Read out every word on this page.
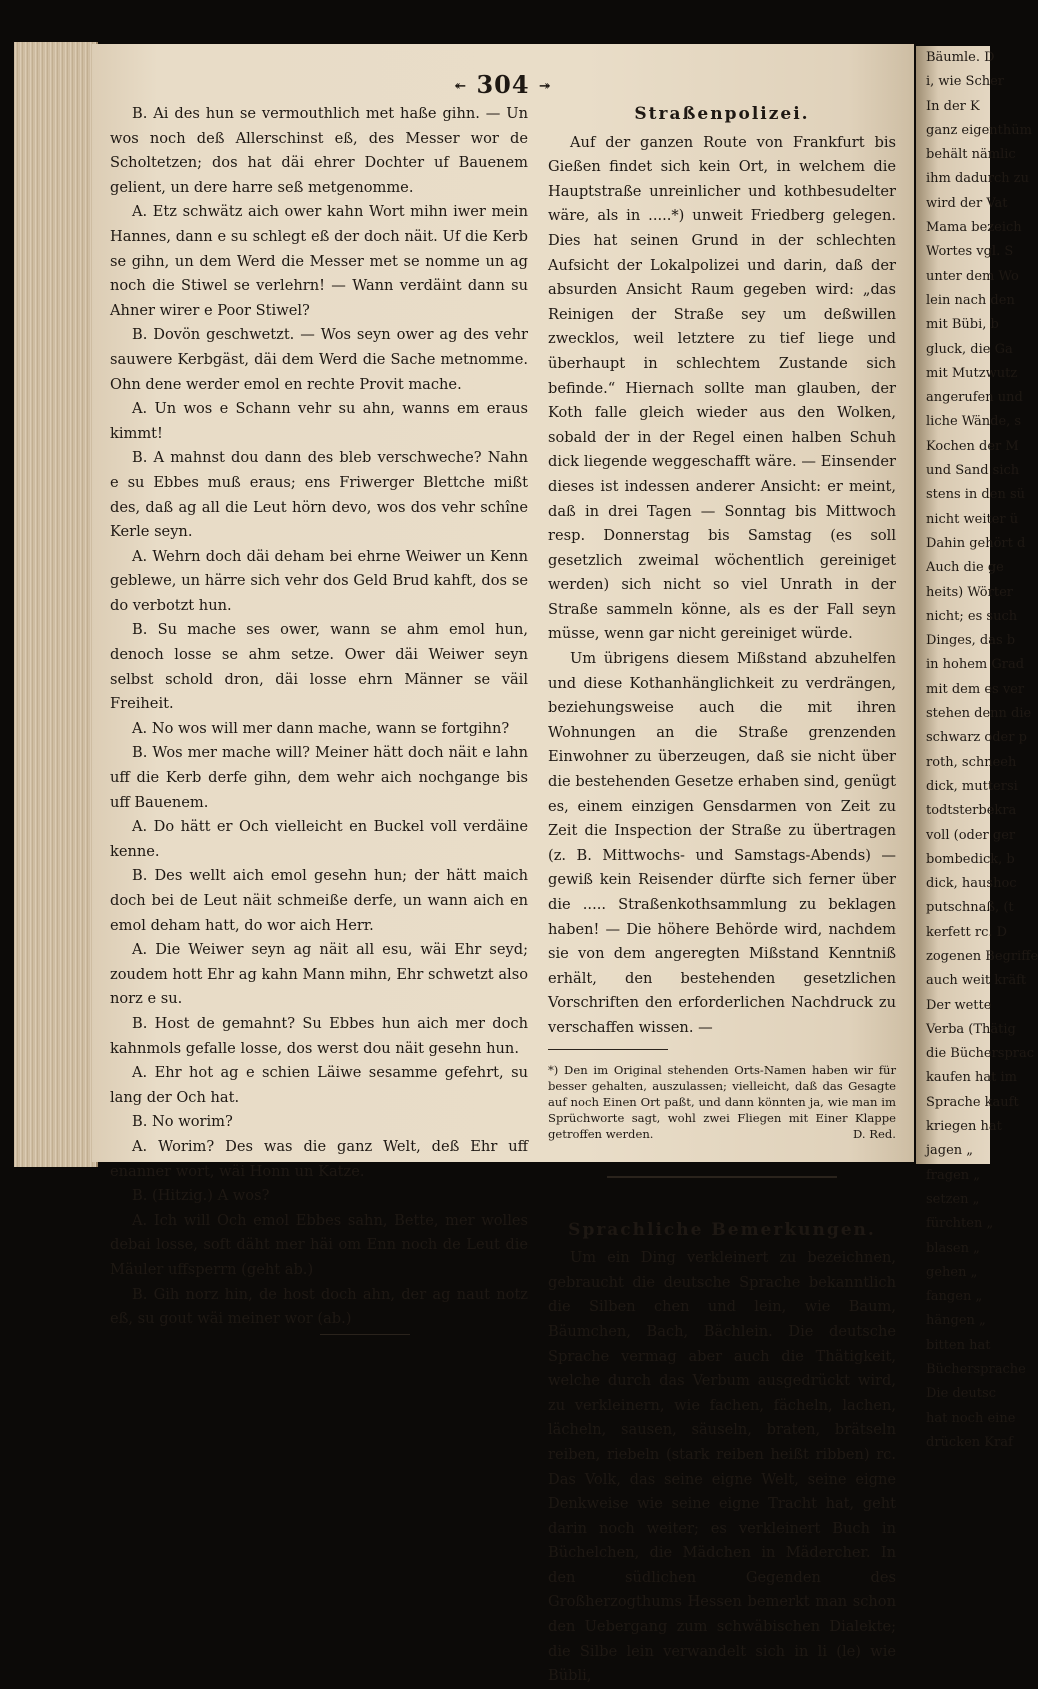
↞ 304 ↠

B. Ai des hun se vermouthlich met haße gihn. — Un wos noch deß Allerschinst eß, des Messer wor de Scholtetzen; dos hat däi ehrer Dochter uf Bauenem gelient, un dere harre seß metgenomme.

A. Etz schwätz aich ower kahn Wort mihn iwer mein Hannes, dann e su schlegt eß der doch näit. Uf die Kerb se gihn, un dem Werd die Messer met se nomme un ag noch die Stiwel se verlehrn! — Wann verdäint dann su Ahner wirer e Poor Stiwel?

B. Dovön geschwetzt. — Wos seyn ower ag des vehr sauwere Kerbgäst, däi dem Werd die Sache metnomme. Ohn dene werder emol en rechte Provit mache.

A. Un wos e Schann vehr su ahn, wanns em eraus kimmt!

B. A mahnst dou dann des bleb verschweche? Nahn e su Ebbes muß eraus; ens Friwerger Blettche mißt des, daß ag all die Leut hörn devo, wos dos vehr schîne Kerle seyn.

A. Wehrn doch däi deham bei ehrne Weiwer un Kenn geblewe, un härre sich vehr dos Geld Brud kahft, dos se do verbotzt hun.

B. Su mache ses ower, wann se ahm emol hun, denoch losse se ahm setze. Ower däi Weiwer seyn selbst schold dron, däi losse ehrn Männer se väil Freiheit.

A. No wos will mer dann mache, wann se fortgihn?

B. Wos mer mache will? Meiner hätt doch näit e lahn uff die Kerb derfe gihn, dem wehr aich nochgange bis uff Bauenem.

A. Do hätt er Och vielleicht en Buckel voll verdäine kenne.

B. Des wellt aich emol gesehn hun; der hätt maich doch bei de Leut näit schmeiße derfe, un wann aich en emol deham hatt, do wor aich Herr.

A. Die Weiwer seyn ag näit all esu, wäi Ehr seyd; zoudem hott Ehr ag kahn Mann mihn, Ehr schwetzt also norz e su.

B. Host de gemahnt? Su Ebbes hun aich mer doch kahnmols gefalle losse, dos werst dou näit gesehn hun.

A. Ehr hot ag e schien Läiwe sesamme gefehrt, su lang der Och hat.

B. No worim?

A. Worim? Des was die ganz Welt, deß Ehr uff enanner wort, wäi Honn un Katze.

B. (Hitzig.) A wos?

A. Ich will Och emol Ebbes sahn, Bette, mer wolles debai losse, soft däht mer häi om Enn noch de Leut die Mäuler uffsperrn (geht ab.)

B. Gih norz hin, de host doch ahn, der ag naut notz eß, su gout wäi meiner wor (ab.)

Straßenpolizei.

Auf der ganzen Route von Frankfurt bis Gießen findet sich kein Ort, in welchem die Hauptstraße unreinlicher und kothbesudelter wäre, als in .....*) unweit Friedberg gelegen. Dies hat seinen Grund in der schlechten Aufsicht der Lokalpolizei und darin, daß der absurden Ansicht Raum gegeben wird: „das Reinigen der Straße sey um deßwillen zwecklos, weil letztere zu tief liege und überhaupt in schlechtem Zustande sich befinde.“ Hiernach sollte man glauben, der Koth falle gleich wieder aus den Wolken, sobald der in der Regel einen halben Schuh dick liegende weggeschafft wäre. — Einsender dieses ist indessen anderer Ansicht: er meint, daß in drei Tagen — Sonntag bis Mittwoch resp. Donnerstag bis Samstag (es soll gesetzlich zweimal wöchentlich gereiniget werden) sich nicht so viel Unrath in der Straße sammeln könne, als es der Fall seyn müsse, wenn gar nicht gereiniget würde.

Um übrigens diesem Mißstand abzuhelfen und diese Kothanhänglichkeit zu verdrängen, beziehungsweise auch die mit ihren Wohnungen an die Straße grenzenden Einwohner zu überzeugen, daß sie nicht über die bestehenden Gesetze erhaben sind, genügt es, einem einzigen Gensdarmen von Zeit zu Zeit die Inspection der Straße zu übertragen (z. B. Mittwochs- und Samstags-Abends) — gewiß kein Reisender dürfte sich ferner über die ..... Straßenkothsammlung zu beklagen haben! — Die höhere Behörde wird, nachdem sie von dem angeregten Mißstand Kenntniß erhält, den bestehenden gesetzlichen Vorschriften den erforderlichen Nachdruck zu verschaffen wissen. —

*) Den im Original stehenden Orts-Namen haben wir für besser gehalten, auszulassen; vielleicht, daß das Gesagte auf noch Einen Ort paßt, und dann könnten ja, wie man im Sprüchworte sagt, wohl zwei Fliegen mit Einer Klappe getroffen werden.	D. Red.
Sprachliche Bemerkungen.

Um ein Ding verkleinert zu bezeichnen, gebraucht die deutsche Sprache bekanntlich die Silben chen und lein, wie Baum, Bäumchen, Bach, Bächlein. Die deutsche Sprache vermag aber auch die Thätigkeit, welche durch das Verbum ausgedrückt wird, zu verkleinern, wie fachen, fächeln, lachen, lächeln, sausen, säuseln, braten, brätseln reiben, riebeln (stark reiben heißt ribben) rc. Das Volk, das seine eigne Welt, seine eigne Denkweise wie seine eigne Tracht hat, geht darin noch weiter; es verkleinert Buch in Büchelchen, die Mädchen in Mädercher. In den südlichen Gegenden des Großherzogthums Hessen bemerkt man schon den Uebergang zum schwäbischen Dialekte; die Silbe lein verwandelt sich in li (le) wie Bübli,

Bäumle. D
i, wie Scher
In der K
ganz eigenthüm
behält nämlic
ihm dadurch zu
wird der Vat
Mama bezeich
Wortes vgl. S
unter dem Wo
lein nach den
mit Bübi, b
gluck, die Ga
mit Mutzwutz
angerufen und
liche Wände, s
Kochen der M
und Sand sich
stens in den sü
nicht weiter ü
Dahin gehört d
Auch die ge
heits) Wörter
nicht; es such
Dinges, das b
in hohem Grad
mit dem es ver
stehen denn die
schwarz oder p
roth, schneeh
dick, muttersi
todtsterbekra
voll (oder ger
bombedick, b
dick, haushoc
putschnaß, (t
kerfett rc. D
zogenen Begriffe
auch weit kräft
Der wette
Verba (Thätig
die Büchersprac
kaufen hat im
Sprache kauft
kriegen hat
jagen „
fragen „
setzen „
fürchten „
blasen „
gehen „
fangen „
hängen „
bitten hat
Büchersprache
Die deutsc
hat noch eine
drücken Kraf
